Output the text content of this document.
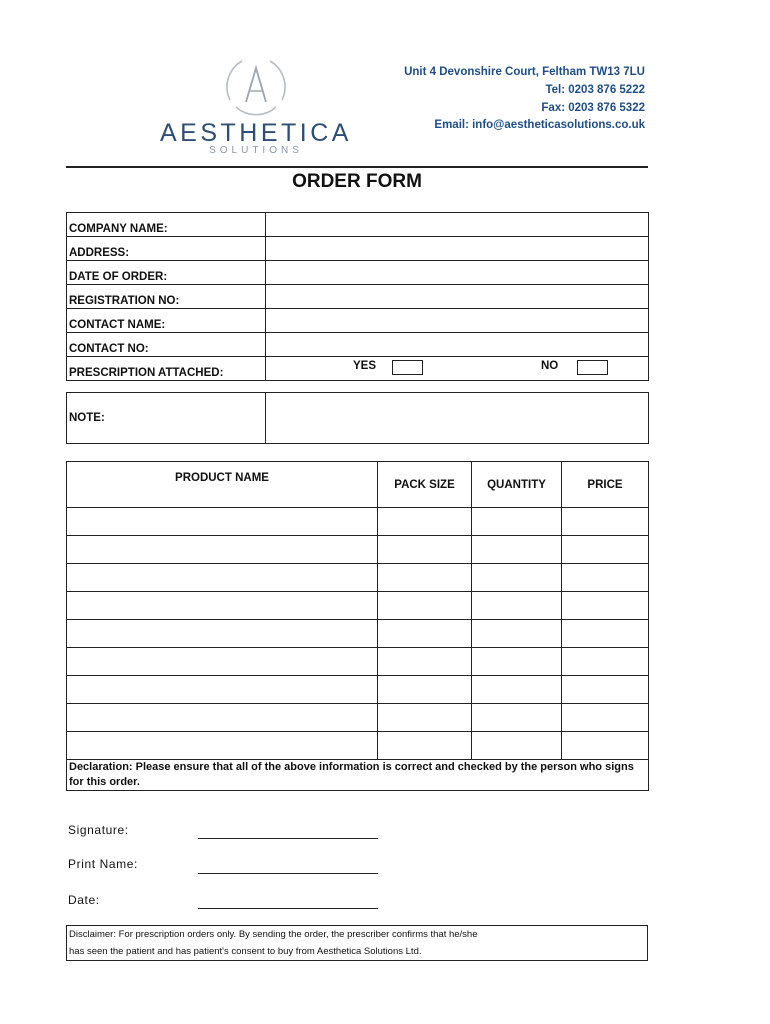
AESTHETICA
SOLUTIONS
Unit 4 Devonshire Court, Feltham TW13 7LU
Tel: 0203 876 5222
Fax: 0203 876 5322
Email: info@aestheticasolutions.co.uk
ORDER FORM
COMPANY NAME:	
ADDRESS:	
DATE OF ORDER:	
REGISTRATION NO:	
CONTACT NAME:	
CONTACT NO:	
PRESCRIPTION ATTACHED:	YES NO
NOTE:	
PRODUCT NAME	PACK SIZE	QUANTITY	PRICE

Declaration: Please ensure that all of the above information is correct and checked by the person who signs for this order.			
Signature:
Print Name:
Date:
Disclaimer: For prescription orders only. By sending the order, the prescriber confirms that he/she
has seen the patient and has patient's consent to buy from Aesthetica Solutions Ltd.
